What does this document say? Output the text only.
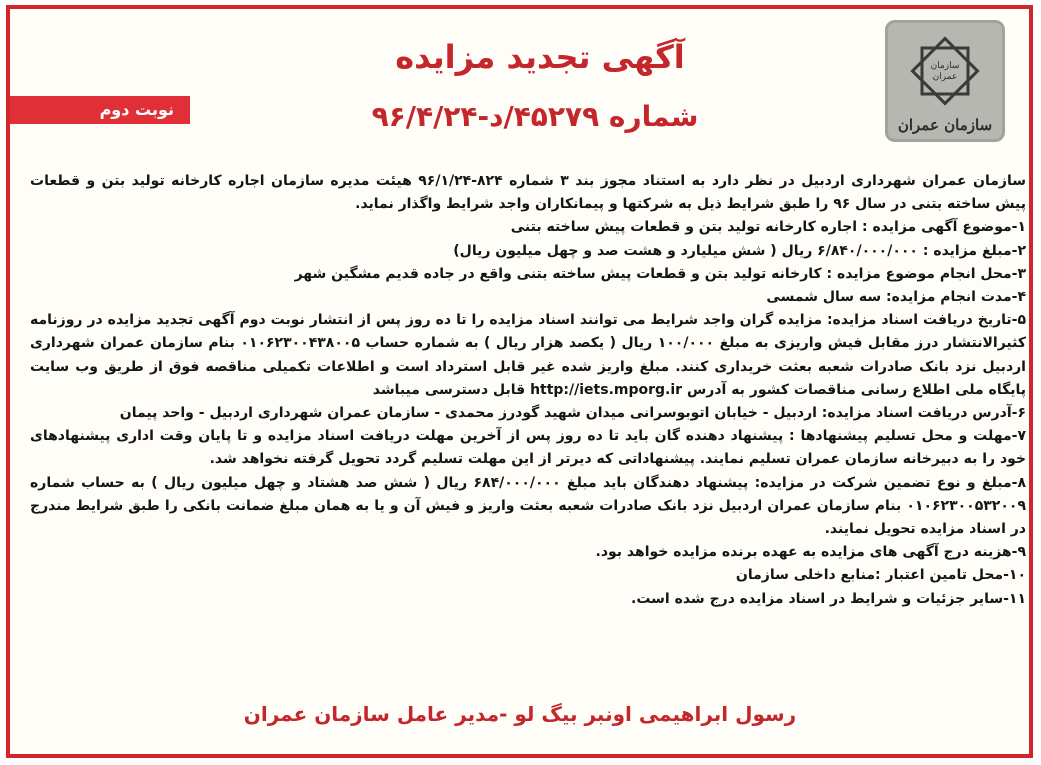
سازمان
عمران
سازمان عمران
آگهی تجدید مزایده
شماره ۴۵۲۷۹/د-۹۶/۴/۲۴
نوبت دوم

سازمان عمران شهرداری اردبیل در نظر دارد به استناد مجوز بند ۳ شماره ۸۲۴-۹۶/۱/۲۴ هیئت مدیره سازمان اجاره کارخانه تولید بتن و قطعات پیش ساخته بتنی در سال ۹۶ را طبق شرایط ذیل به شرکتها و پیمانکاران واجد شرایط واگذار نماید.

۱-موضوع آگهی مزایده : اجاره کارخانه تولید بتن و قطعات پیش ساخته بتنی

۲-مبلغ مزایده : ۶/۸۴۰/۰۰۰/۰۰۰ ریال ( شش میلیارد و هشت صد و چهل میلیون ریال)

۳-محل انجام موضوع مزایده : کارخانه تولید بتن و قطعات پیش ساخته بتنی واقع در جاده قدیم مشگین شهر

۴-مدت انجام مزایده: سه سال شمسی

۵-تاریخ دریافت اسناد مزایده: مزایده گران واجد شرایط می توانند اسناد مزایده را تا ده روز پس از انتشار نوبت دوم آگهی تجدید مزایده در روزنامه کثیرالانتشار درز مقابل فیش واریزی به مبلغ ۱۰۰/۰۰۰ ریال ( یکصد هزار ریال ) به شماره حساب ۰۱۰۶۲۳۰۰۴۳۸۰۰۵ بنام سازمان عمران شهرداری اردبیل نزد بانک صادرات شعبه بعثت خریداری کنند. مبلغ واریز شده غیر قابل استرداد است و اطلاعات تکمیلی مناقصه فوق از طریق وب سایت پایگاه ملی اطلاع رسانی مناقصات کشور به آدرس http://iets.mporg.ir قابل دسترسی میباشد

۶-آدرس دریافت اسناد مزایده: اردبیل - خیابان اتوبوسرانی میدان شهید گودرز محمدی - سازمان عمران شهرداری اردبیل - واحد پیمان

۷-مهلت و محل تسلیم پیشنهادها : پیشنهاد دهنده گان باید تا ده روز پس از آخرین مهلت دریافت اسناد مزایده و تا پایان وقت اداری پیشنهادهای خود را به دبیرخانه سازمان عمران تسلیم نمایند. پیشنهاداتی که دیرتر از این مهلت تسلیم گردد تحویل گرفته نخواهد شد.

۸-مبلغ و نوع تضمین شرکت در مزایده: پیشنهاد دهندگان باید مبلغ ۶۸۴/۰۰۰/۰۰۰ ریال ( شش صد هشتاد و چهل میلیون ریال ) به حساب شماره ۰۱۰۶۲۳۰۰۵۳۲۰۰۹ بنام سازمان عمران اردبیل نزد بانک صادرات شعبه بعثت واریز و فیش آن و یا به همان مبلغ ضمانت بانکی را طبق شرایط مندرج در اسناد مزایده تحویل نمایند.

۹-هزینه درج آگهی های مزایده به عهده برنده مزایده خواهد بود.

۱۰-محل تامین اعتبار :منابع داخلی سازمان

۱۱-سایر جزئیات و شرایط در اسناد مزایده درج شده است.

رسول ابراهیمی اونبر بیگ لو -مدیر عامل سازمان عمران
